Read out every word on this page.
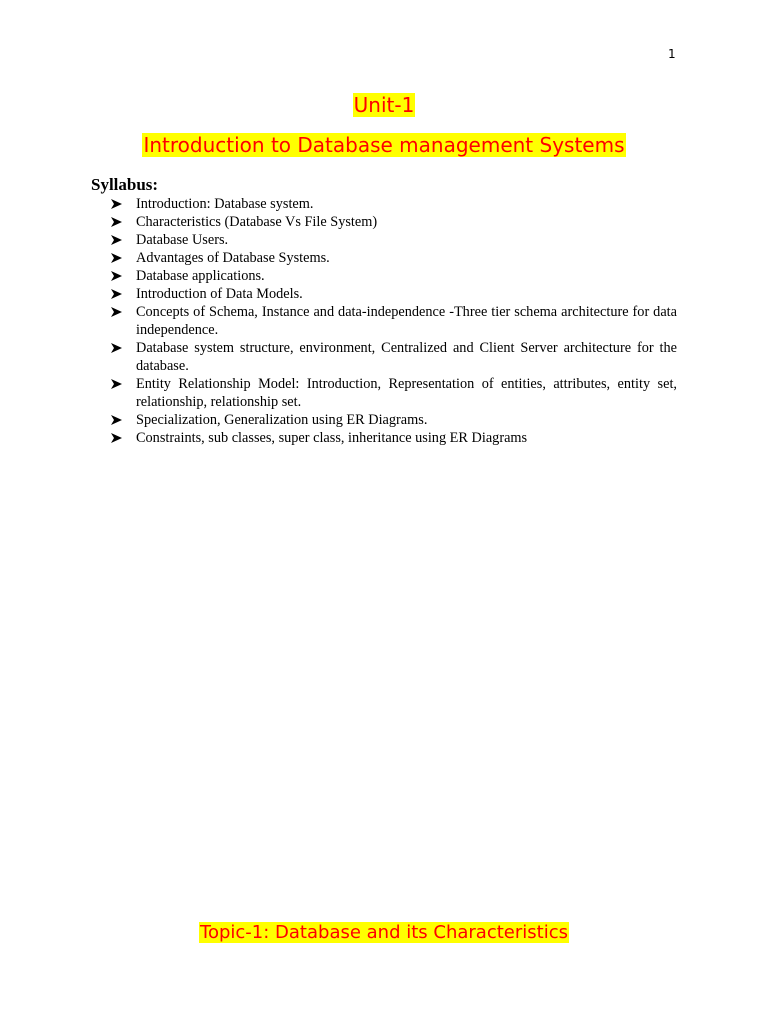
1
Unit-1
Introduction to Database management Systems
Syllabus:
Introduction: Database system.
Characteristics (Database Vs File System)
Database Users.
Advantages of Database Systems.
Database applications.
Introduction of Data Models.
Concepts of Schema, Instance and data-independence -Three tier schema architecture for data independence.
Database system structure, environment, Centralized and Client Server architecture for the database.
Entity Relationship Model: Introduction, Representation of entities, attributes, entity set, relationship, relationship set.
Specialization, Generalization using ER Diagrams.
Constraints, sub classes, super class, inheritance using ER Diagrams
Topic-1: Database and its Characteristics
